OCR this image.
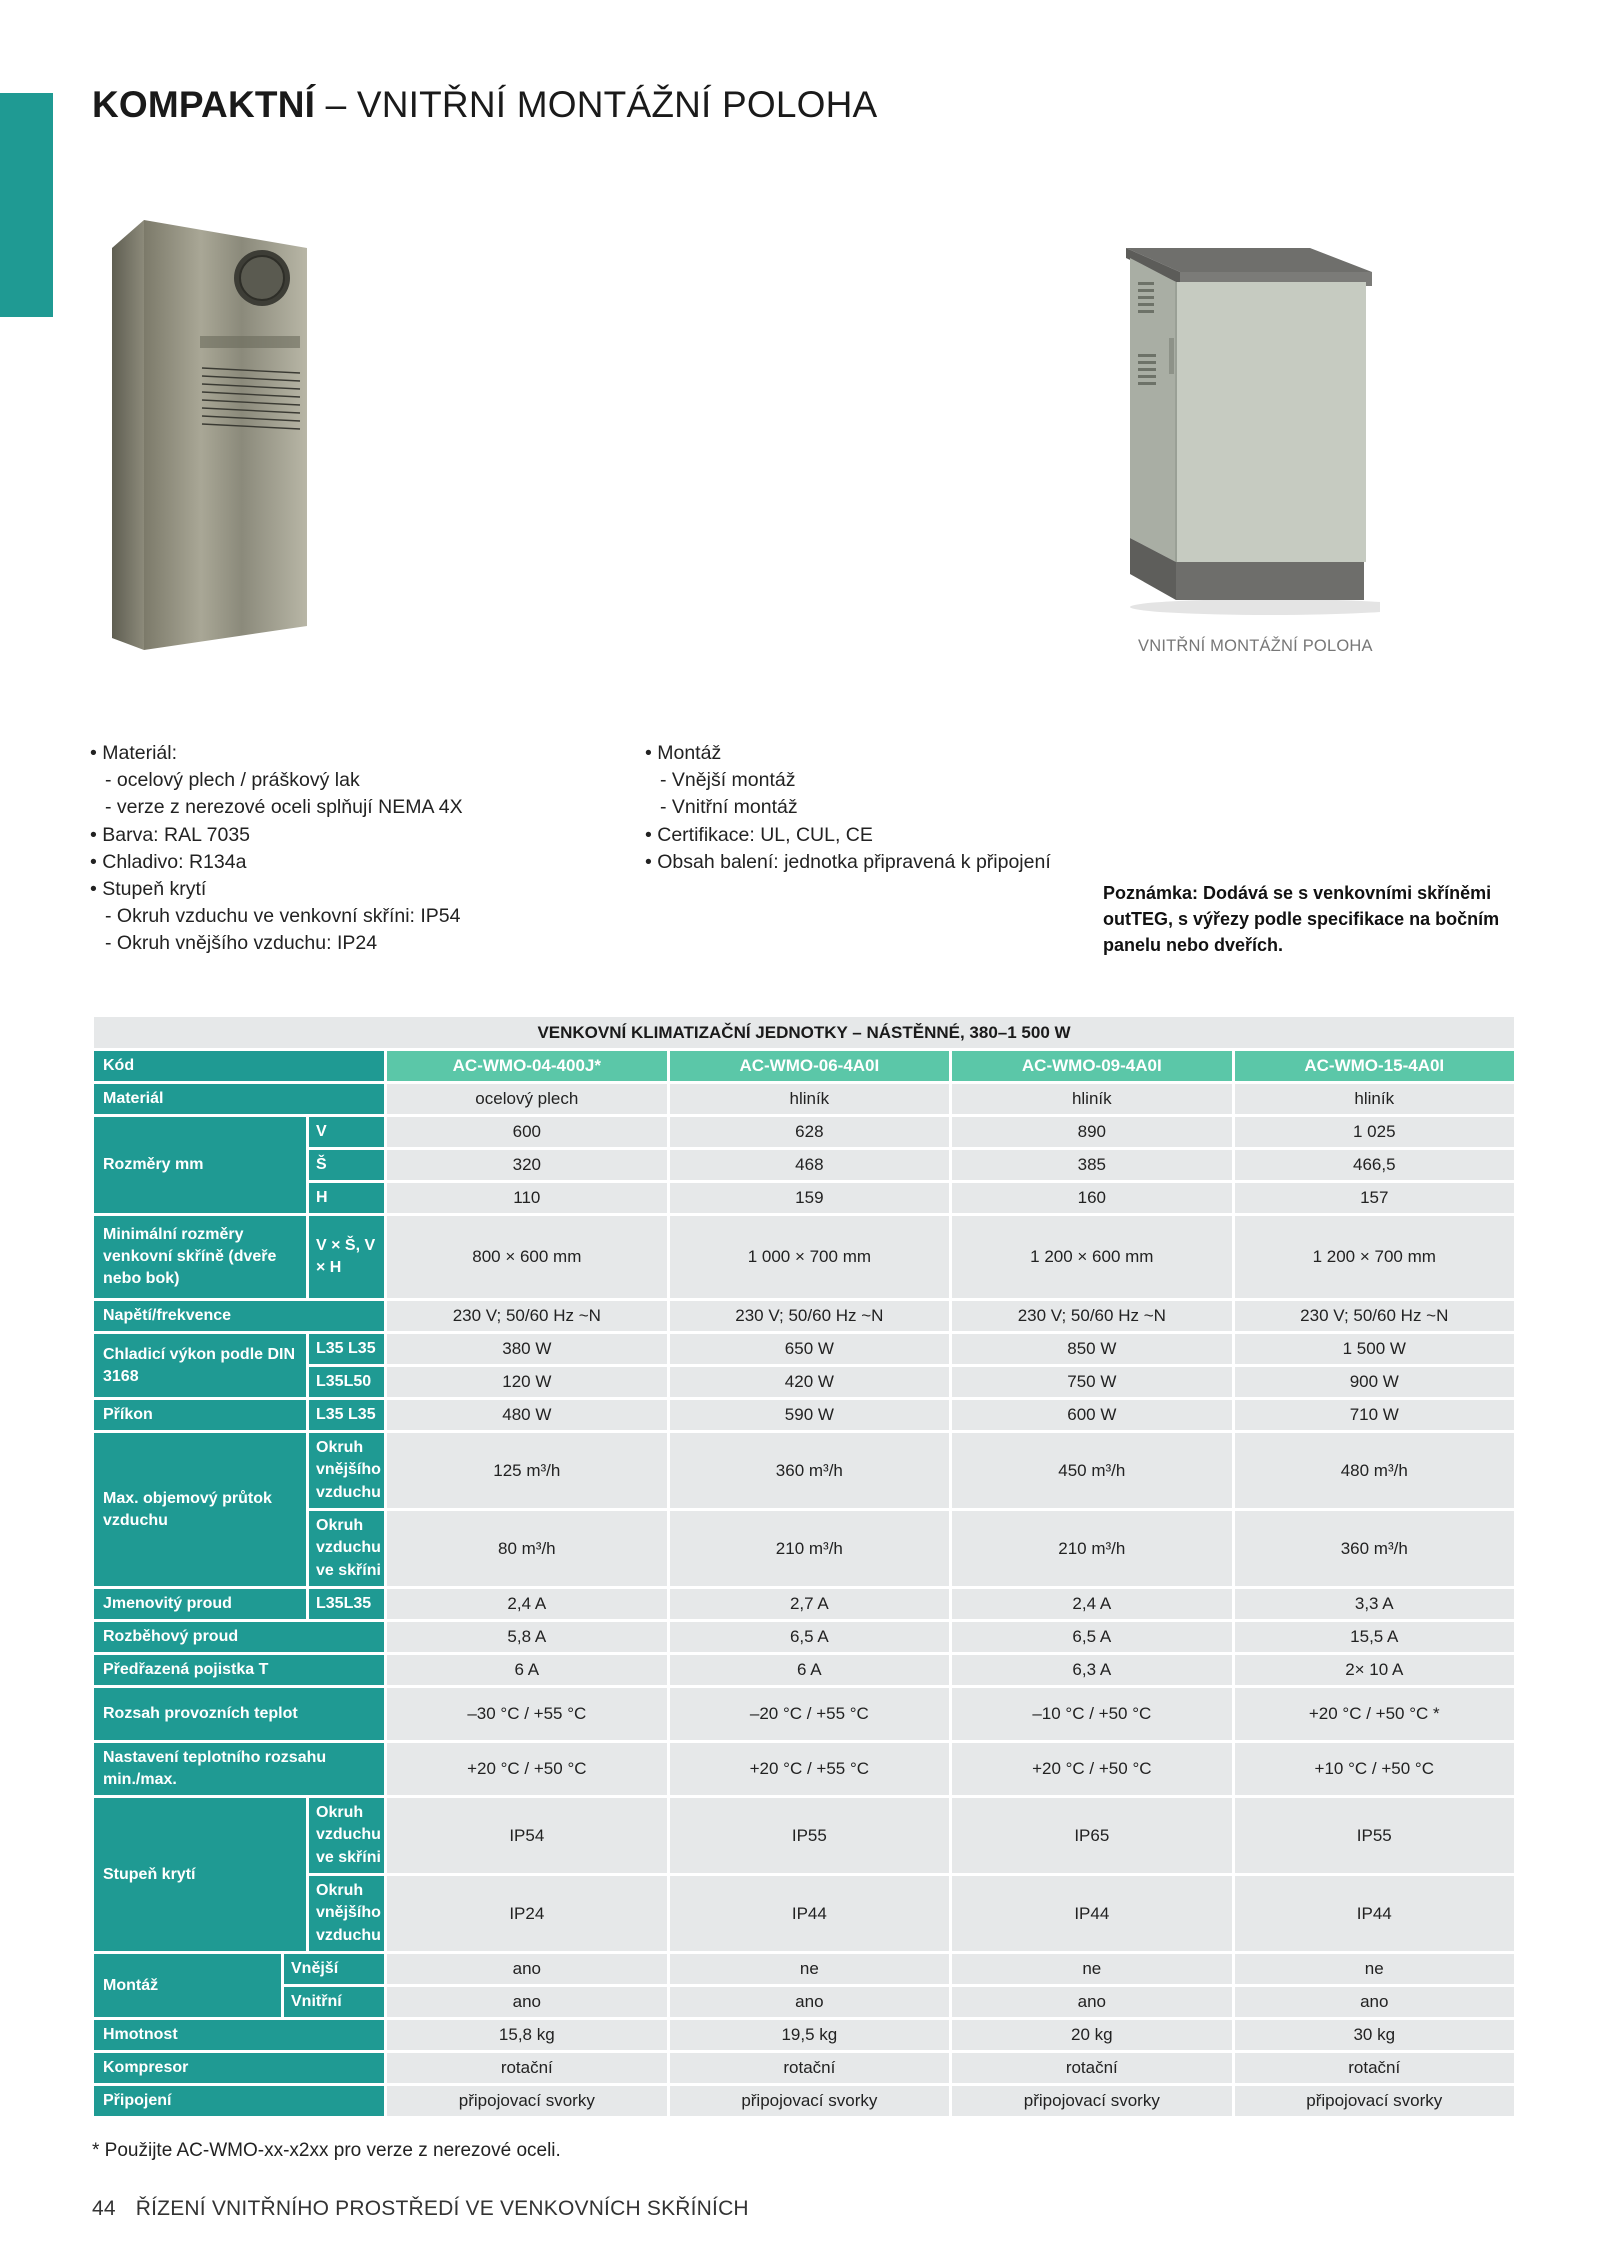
KOMPAKTNÍ – VNITŘNÍ MONTÁŽNÍ POLOHA
VNITŘNÍ MONTÁŽNÍ POLOHA
• Materiál:
- ocelový plech / práškový lak
- verze z nerezové oceli splňují NEMA 4X
• Barva: RAL 7035
• Chladivo: R134a
• Stupeň krytí
- Okruh vzduchu ve venkovní skříni: IP54
- Okruh vnějšího vzduchu: IP24
• Montáž
- Vnější montáž
- Vnitřní montáž
• Certifikace: UL, CUL, CE
• Obsah balení: jednotka připravená k připojení
Poznámka: Dodává se s venkovními skříněmi outTEG, s výřezy podle specifikace na bočním panelu nebo dveřích.
VENKOVNÍ KLIMATIZAČNÍ JEDNOTKY – NÁSTĚNNÉ, 380–1 500 W						
Kód			AC-WMO-04-400J*	AC-WMO-06-4A0I	AC-WMO-09-4A0I	AC-WMO-15-4A0I
Materiál			ocelový plech	hliník	hliník	hliník
Rozměry mm		V	600	628	890	1 025
		Š	320	468	385	466,5
		H	110	159	160	157
Minimální rozměry venkovní skříně (dveře nebo bok)		V × Š, V × H	800 × 600 mm	1 000 × 700 mm	1 200 × 600 mm	1 200 × 700 mm
Napětí/frekvence			230 V; 50/60 Hz ~N	230 V; 50/60 Hz ~N	230 V; 50/60 Hz ~N	230 V; 50/60 Hz ~N
Chladicí výkon podle DIN 3168		L35 L35	380 W	650 W	850 W	1 500 W
		L35L50	120 W	420 W	750 W	900 W
Příkon		L35 L35	480 W	590 W	600 W	710 W
Max. objemový průtok vzduchu		Okruh vnějšího vzduchu	125 m³/h	360 m³/h	450 m³/h	480 m³/h
		Okruh vzduchu ve skříni	80 m³/h	210 m³/h	210 m³/h	360 m³/h
Jmenovitý proud		L35L35	2,4 A	2,7 A	2,4 A	3,3 A
Rozběhový proud			5,8 A	6,5 A	6,5 A	15,5 A
Předřazená pojistka T			6 A	6 A	6,3 A	2× 10 A
Rozsah provozních teplot			–30 °C / +55 °C	–20 °C / +55 °C	–10 °C / +50 °C	+20 °C / +50 °C *
Nastavení teplotního rozsahu min./max.			+20 °C / +50 °C	+20 °C / +55 °C	+20 °C / +50 °C	+10 °C / +50 °C
Stupeň krytí		Okruh vzduchu ve skříni	IP54	IP55	IP65	IP55
		Okruh vnějšího vzduchu	IP24	IP44	IP44	IP44
Montáž	Vnější		ano	ne	ne	ne
	Vnitřní		ano	ano	ano	ano
Hmotnost			15,8 kg	19,5 kg	20 kg	30 kg
Kompresor			rotační	rotační	rotační	rotační
Připojení			připojovací svorky	připojovací svorky	připojovací svorky	připojovací svorky
* Použijte AC-WMO-xx-x2xx pro verze z nerezové oceli.
44 ŘÍZENÍ VNITŘNÍHO PROSTŘEDÍ VE VENKOVNÍCH SKŘÍNÍCH
